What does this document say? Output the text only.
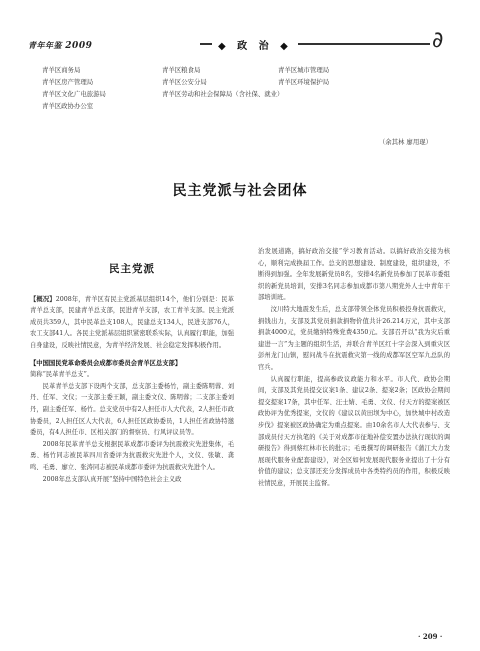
青年年鉴 2009	◆ 政 治 ◆	∂
青羊区商务局	青羊区粮食局	青羊区城市管理局
青羊区房产管理局	青羊区公安分局	青羊区环境保护局
青羊区文化广电旅游局	青羊区劳动和社会保障局（含社保、就业）
青羊区政协办公室
（余其林 廖用琨）
民主党派与社会团体
民主党派

【概况】2008年，青羊区有民主党派基层组织14个，他们分别是：民革青羊总支部，民建青羊总支部，民进青羊支部，农工青羊支部。民主党派成员共359人，其中民革总支108人，民建总支134人，民进支部76人，农工支部41人。各民主党派基层组织紧密联系实际，认真履行职能，加强自身建设，反映社情民意，为青羊经济发展、社会稳定发挥积极作用。

【中国国民党革命委员会成都市委员会青羊区总支部】

简称“民革青羊总支”。

民革青羊总支部下设两个支部，总支部主委杨竹，副主委陈明蓉、刘丹、任军、文仪；一支部主委王颖，副主委文仪、陈明蓉；二支部主委刘丹，副主委任军、杨竹。总支党员中有2人担任市人大代表，2人担任市政协委员，2人担任区人大代表，6人担任区政协委员，1人担任省政协特邀委员，有4人担任市、区相关部门的督察员、行风评议员等。

2008年民革青羊总支根据民革成都市委评为抗震救灾先进集体，毛勇、杨竹同志被民革四川省委评为抗震救灾先进个人，文仪、张敏、龚鸣、毛勇、廖立、张涛同志被民革成都市委评为抗震救灾先进个人。

2008年总支部认真开展“坚持中国特色社会主义政

治发展道路，搞好政治交接”学习教育活动。以搞好政治交接为核心，顺利完成换届工作。总支的思想建设、制度建设，组织建设，不断得到加强。全年发展新党员8名，安排4名新党员参加了民革市委组织的新党员培训，安排3名同志参加成都市第八期党外人士中青年干部培训班。

汶川特大地震发生后，总支部带领全体党员积极投身抗震救灾，捐钱出力，支部及其党员捐款捐物价值共计26.214万元，其中支部捐款4000元，党员缴纳特殊党费4350元。支部召开以“我为灾后重建进一言”为主题的组织生活，并联合青羊区红十字会深入到重灾区彭州龙门山镇，慰问战斗在抗震救灾第一线的成都军区空军九总队的官兵。

认真履行职能，提高参政议政能力和水平。市人代、政协会期间，支部及其党员提交议案1条、建议2条、提案2条；区政协会期间提交提案17条，其中任军、汪士婧、毛勇、文仪、付天方的提案被区政协评为优秀提案，文仪的《建议以黄田坝为中心，加快城中村改造步伐》提案被区政协确定为重点提案。由10余名市人大代表参与、支部成员付天方执笔的《关于对成都市征地补偿安置办法执行现状的调研报告》得到蔡红林市长的批示；毛勇撰写的调研报告《蒲江大力发展现代服务业配套建设》，对全区如何发展现代服务业提出了十分有价值的建议；总支部还充分发挥成员中各类特约员的作用，积极反映社情民意，开展民主监督。

· 209 ·
